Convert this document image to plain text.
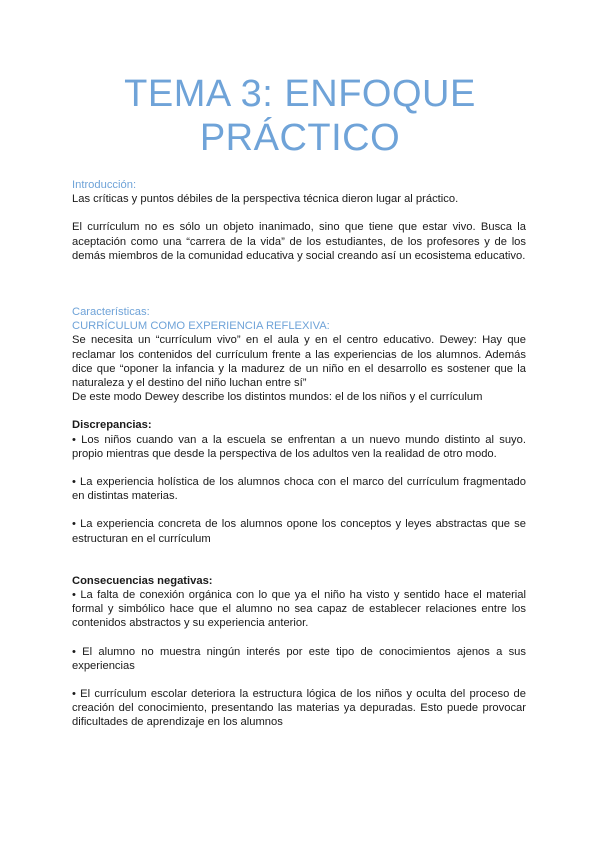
TEMA 3: ENFOQUE
PRÁCTICO

Introducción:

Las críticas y puntos débiles de la perspectiva técnica dieron lugar al práctico.

El currículum no es sólo un objeto inanimado, sino que tiene que estar vivo. Busca la aceptación como una “carrera de la vida” de los estudiantes, de los profesores y de los demás miembros de la comunidad educativa y social creando así un ecosistema educativo.

Características:

CURRÍCULUM COMO EXPERIENCIA REFLEXIVA:

Se necesita un “currículum vivo” en el aula y en el centro educativo. Dewey: Hay que reclamar los contenidos del currículum frente a las experiencias de los alumnos. Además dice que “oponer la infancia y la madurez de un niño en el desarrollo es sostener que la naturaleza y el destino del niño luchan entre sí”

De este modo Dewey describe los distintos mundos: el de los niños y el currículum

Discrepancias:

• Los niños cuando van a la escuela se enfrentan a un nuevo mundo distinto al suyo. propio mientras que desde la perspectiva de los adultos ven la realidad de otro modo.

• La experiencia holística de los alumnos choca con el marco del currículum fragmentado en distintas materias.

• La experiencia concreta de los alumnos opone los conceptos y leyes abstractas que se estructuran en el currículum

Consecuencias negativas:

• La falta de conexión orgánica con lo que ya el niño ha visto y sentido hace el material formal y simbólico hace que el alumno no sea capaz de establecer relaciones entre los contenidos abstractos y su experiencia anterior.

• El alumno no muestra ningún interés por este tipo de conocimientos ajenos a sus experiencias

• El currículum escolar deteriora la estructura lógica de los niños y oculta del proceso de creación del conocimiento, presentando las materias ya depuradas. Esto puede provocar dificultades de aprendizaje en los alumnos
